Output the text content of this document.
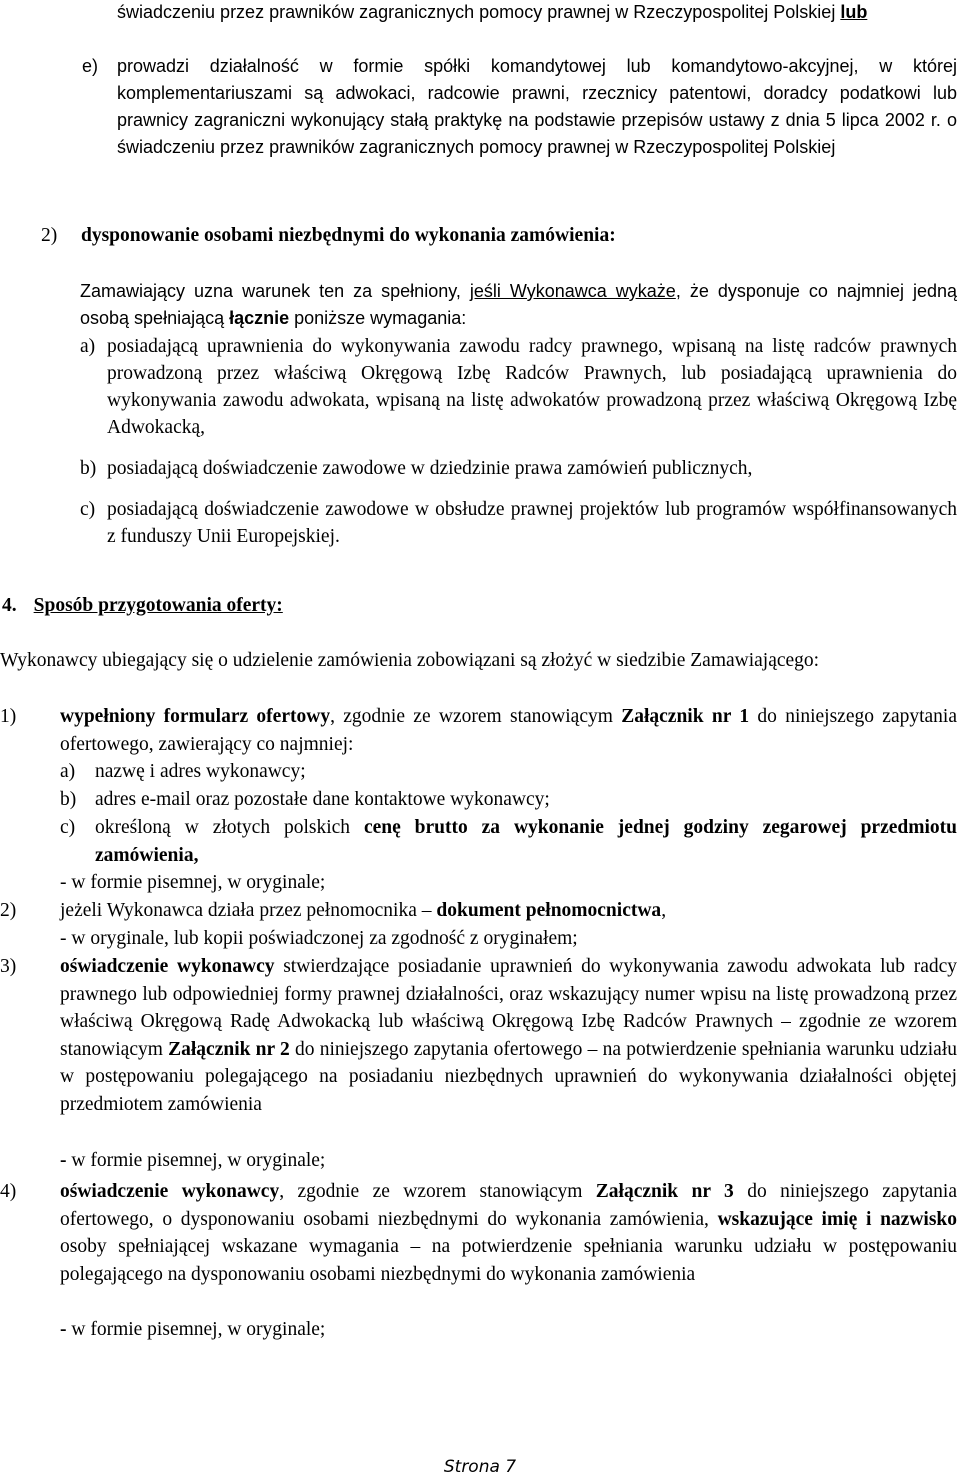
świadczeniu przez prawników zagranicznych pomocy prawnej w Rzeczypospolitej Polskiej lub

e)	prowadzi działalność w formie spółki komandytowej lub komandytowo-akcyjnej, w której komplementariuszami są adwokaci, radcowie prawni, rzecznicy patentowi, doradcy podatkowi lub prawnicy zagraniczni wykonujący stałą praktykę na podstawie przepisów ustawy z dnia 5 lipca 2002 r. o świadczeniu przez prawników zagranicznych pomocy prawnej w Rzeczypospolitej Polskiej
2)	dysponowanie osobami niezbędnymi do wykonania zamówienia:

Zamawiający uzna warunek ten za spełniony, jeśli Wykonawca wykaże, że dysponuje co najmniej jedną osobą spełniającą łącznie poniższe wymagania:

a) posiadającą uprawnienia do wykonywania zawodu radcy prawnego, wpisaną na listę radców prawnych prowadzoną przez właściwą Okręgową Izbę Radców Prawnych, lub posiadającą uprawnienia do wykonywania zawodu adwokata, wpisaną na listę adwokatów prowadzoną przez właściwą Okręgową Izbę Adwokacką,
b) posiadającą doświadczenie zawodowe w dziedzinie prawa zamówień publicznych,
c) posiadającą doświadczenie zawodowe w obsłudze prawnej projektów lub programów współfinansowanych z funduszy Unii Europejskiej.
4. Sposób przygotowania oferty:

Wykonawcy ubiegający się o udzielenie zamówienia zobowiązani są złożyć w siedzibie Zamawiającego:

1)	wypełniony formularz ofertowy, zgodnie ze wzorem stanowiącym Załącznik nr 1 do niniejszego zapytania ofertowego, zawierający co najmniej:
a)	nazwę i adres wykonawcy;
b) adres e-mail oraz pozostałe dane kontaktowe wykonawcy;
c)	określoną w złotych polskich cenę brutto za wykonanie jednej godziny zegarowej przedmiotu zamówienia,
- w formie pisemnej, w oryginale;
2)	jeżeli Wykonawca działa przez pełnomocnika – dokument pełnomocnictwa,
- w oryginale, lub kopii poświadczonej za zgodność z oryginałem;
3)	oświadczenie wykonawcy stwierdzające posiadanie uprawnień do wykonywania zawodu adwokata lub radcy prawnego lub odpowiedniej formy prawnej działalności, oraz wskazujący numer wpisu na listę prowadzoną przez właściwą Okręgową Radę Adwokacką lub właściwą Okręgową Izbę Radców Prawnych – zgodnie ze wzorem stanowiącym Załącznik nr 2 do niniejszego zapytania ofertowego – na potwierdzenie spełniania warunku udziału w postępowaniu polegającego na posiadaniu niezbędnych uprawnień do wykonywania działalności objętej przedmiotem zamówienia
- w formie pisemnej, w oryginale;
4)	oświadczenie wykonawcy, zgodnie ze wzorem stanowiącym Załącznik nr 3 do niniejszego zapytania ofertowego, o dysponowaniu osobami niezbędnymi do wykonania zamówienia, wskazujące imię i nazwisko osoby spełniającej wskazane wymagania – na potwierdzenie spełniania warunku udziału w postępowaniu polegającego na dysponowaniu osobami niezbędnymi do wykonania zamówienia
- w formie pisemnej, w oryginale;
Strona 7
